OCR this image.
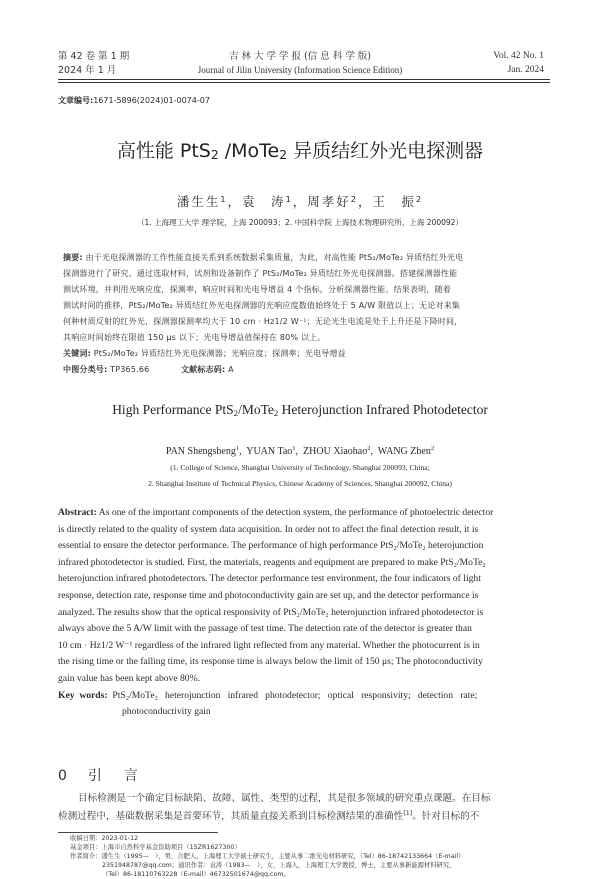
第 42 卷 第 1 期
2024 年 1 月
吉 林 大 学 学 报 (信 息 科 学 版)
Journal of Jilin University (Information Science Edition)
Vol. 42 No. 1
Jan. 2024
文章编号:1671-5896(2024)01-0074-07
高性能 PtS$_2$ /MoTe$_2$ 异质结红外光电探测器
潘生生$^1$，袁　涛$^1$，周孝好$^2$，王　振$^2$
（1. 上海理工大学 理学院，上海 200093；2. 中国科学院 上海技术物理研究所，上海 200092）
摘要: 由于光电探测器的工作性能直接关系到系统数据采集质量，为此，对高性能 PtS₂/MoTe₂ 异质结红外光电
探测器进行了研究。通过选取材料，试剂和设备制作了 PtS₂/MoTe₂ 异质结红外光电探测器。搭建探测器性能
测试环境，并利用光响应度，探测率，响应时间和光电导增益 4 个指标，分析探测器性能。结果表明，随着
测试时间的推移，PtS₂/MoTe₂ 异质结红外光电探测器的光响应度数值始终处于 5 A/W 限值以上；无论对来集
何种材质反射的红外光，探测器探测率均大于 10 cm · Hz1/2 W⁻¹；无论光生电流是处于上升还是下降时间，
其响应时间始终在限值 150 μs 以下；光电导增益值保持在 80% 以上。
关键词: PtS₂/MoTe₂ 异质结红外光电探测器；光响应度；探测率；光电导增益
中图分类号: TP365.66	文献标志码: A
High Performance PtS$_2$/MoTe$_2$ Heterojunction Infrared Photodetector
PAN Shengsheng$^1$,  YUAN Tao$^1$,  ZHOU Xiaohao$^2$,  WANG Zhen$^2$
(1. College of Science, Shanghai University of Technology, Shanghai 200093, China;
2. Shanghai Institute of Technical Physics, Chinese Academy of Sciences, Shanghai 200092, China)
Abstract: As one of the important components of the detection system, the performance of photoelectric detector
is directly related to the quality of system data acquisition. In order not to affect the final detection result, it is
essential to ensure the detector performance. The performance of high performance PtS₂/MoTe₂ heterojunction
infrared photodetector is studied. First, the materials, reagents and equipment are prepared to make PtS₂/MoTe₂
heterojunction infrared photodetectors. The detector performance test environment, the four indicators of light
response, detection rate, response time and photoconductivity gain are set up, and the detector performance is
analyzed. The results show that the optical responsivity of PtS₂/MoTe₂ heterojunction infrared photodetector is
always above the 5 A/W limit with the passage of test time. The detection rate of the detector is greater than
10 cm · Hz1/2 W⁻¹ regardless of the infrared light reflected from any material. Whether the photocurrent is in
the rising time or the falling time, its response time is always below the limit of 150 μs; The photoconductivity
gain value has been kept above 80%.
Key  words: PtS₂/MoTe₂   heterojunction   infrared   photodetector;   optical   responsivity;   detection   rate;
photoconductivity gain
0 引　言
目标检测是一个确定目标缺陷、故障、属性、类型的过程，其是很多领域的研究重点课题。在目标
检测过程中，基础数据采集是首要环节，其质量直接关系到目标检测结果的准确性[1]。针对目标的不
收稿日期：2023-01-12
基金项目：上海市自然科学基金资助项目（15ZR1627300）
作者简介：潘生生（1995—　），男，合肥人，上海理工大学硕士研究生，主要从事二维光电材料研究，（Tel）86-18742133664（E-mail）
2351948787@qq.com；通讯作者：袁涛（1983—　），女，上海人，上海理工大学教授，博士，主要从事新能源材料研究，
（Tel）86-18110763228（E-mail）46732501674@qq.com。
